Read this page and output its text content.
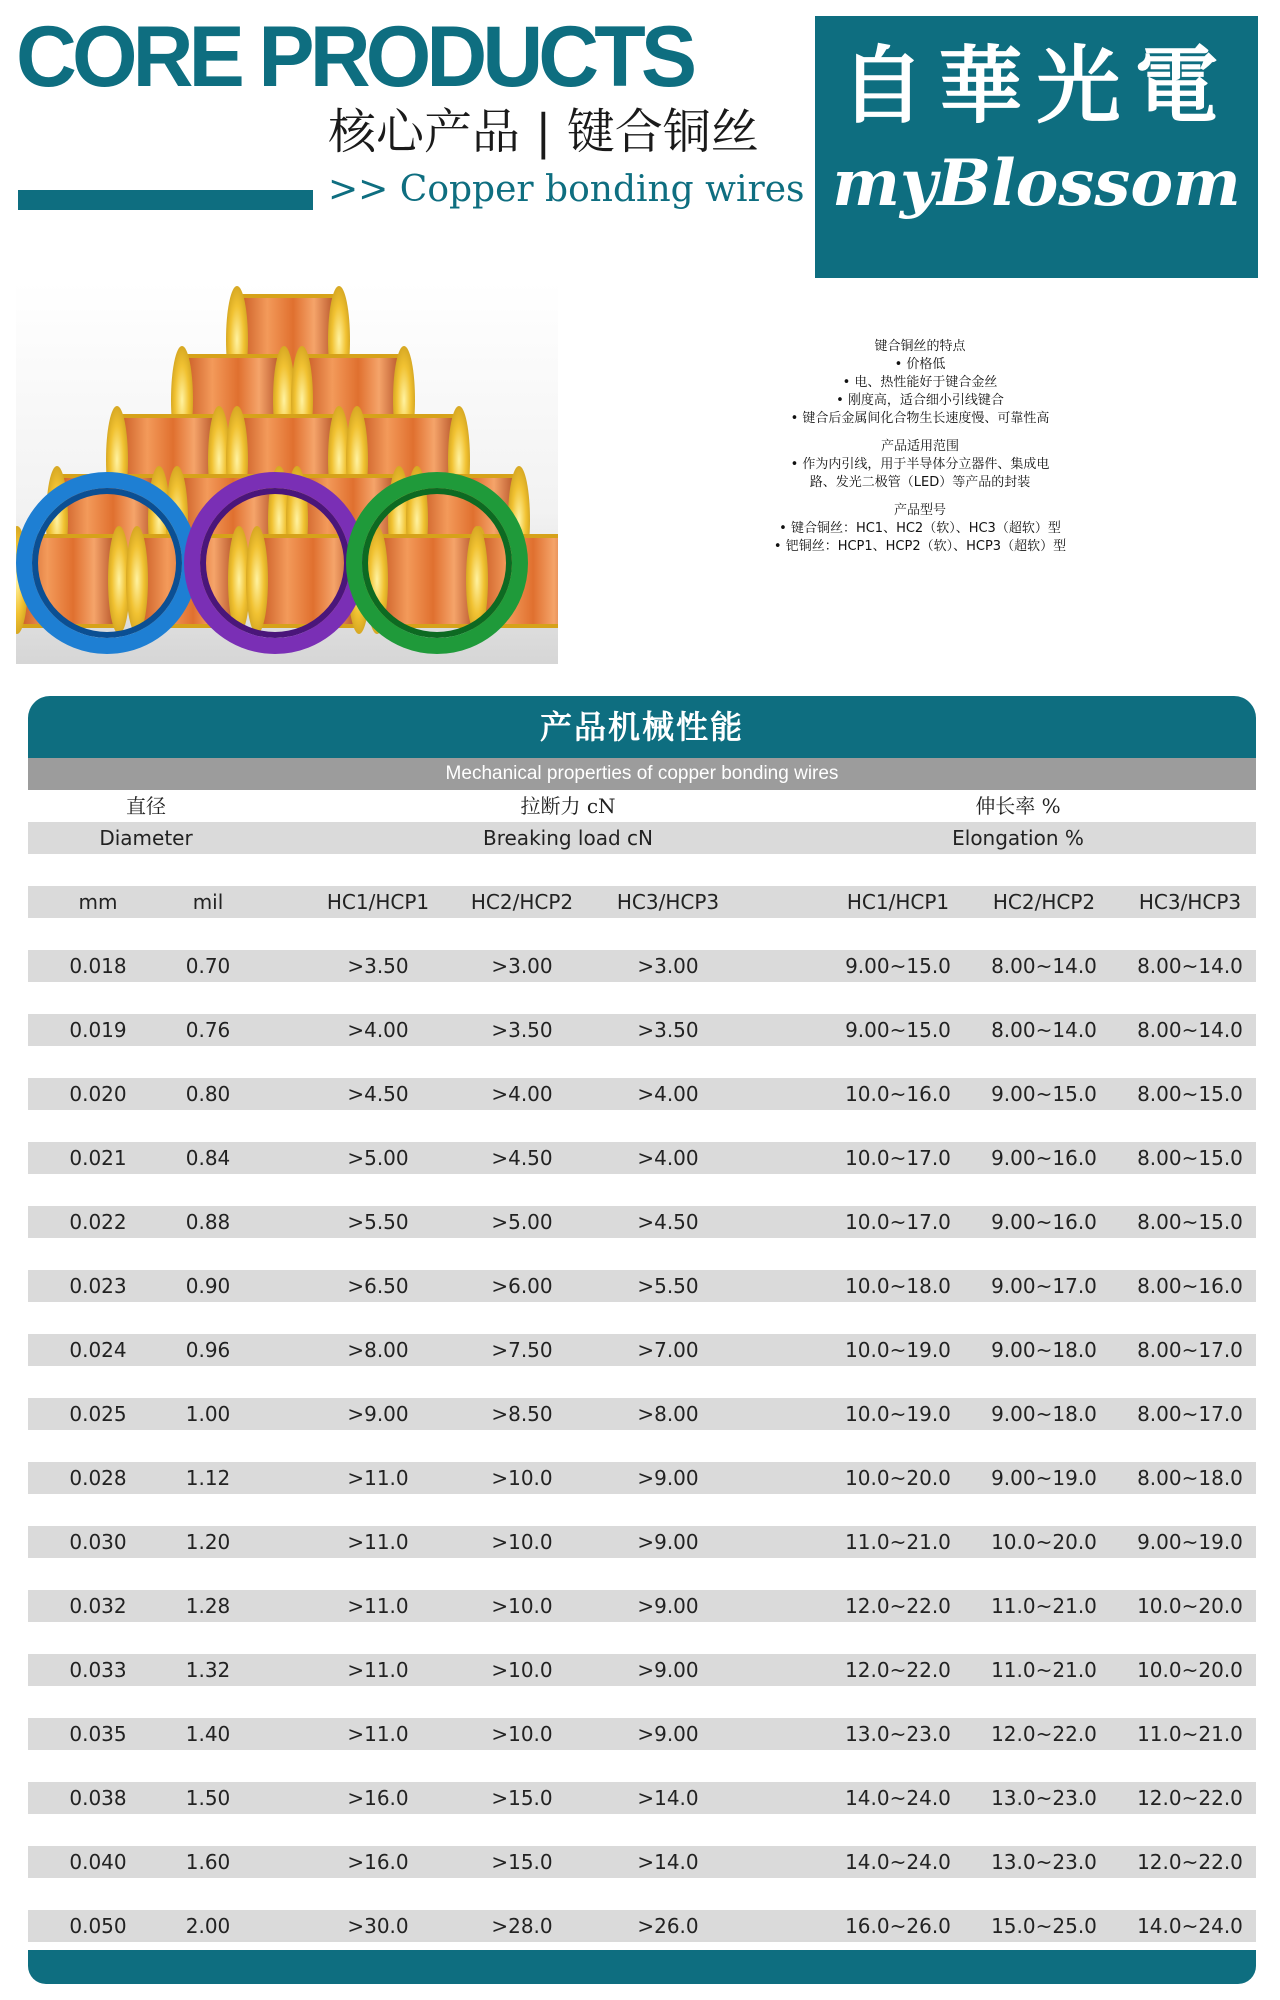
CORE PRODUCTS
核心产品 | 键合铜丝
>> Copper bonding wires
自華光電
myBlossom
键合铜丝的特点
• 价格低
• 电、热性能好于键合金丝
• 刚度高，适合细小引线键合
• 键合后金属间化合物生长速度慢、可靠性高
产品适用范围
• 作为内引线，用于半导体分立器件、集成电
路、发光二极管（LED）等产品的封装
产品型号
• 键合铜丝：HC1、HC2（软）、HC3（超软）型
• 钯铜丝：HCP1、HCP2（软）、HCP3（超软）型
产品机械性能
Mechanical properties of copper bonding wires
直径	拉断力 cN	伸长率 %
Diameter	Breaking load cN	Elongation %
mm	mil	HC1/HCP1	HC2/HCP2	HC3/HCP3	HC1/HCP1	HC2/HCP2	HC3/HCP3
0.018	0.70	>3.50	>3.00	>3.00	9.00~15.0	8.00~14.0	8.00~14.0
0.019	0.76	>4.00	>3.50	>3.50	9.00~15.0	8.00~14.0	8.00~14.0
0.020	0.80	>4.50	>4.00	>4.00	10.0~16.0	9.00~15.0	8.00~15.0
0.021	0.84	>5.00	>4.50	>4.00	10.0~17.0	9.00~16.0	8.00~15.0
0.022	0.88	>5.50	>5.00	>4.50	10.0~17.0	9.00~16.0	8.00~15.0
0.023	0.90	>6.50	>6.00	>5.50	10.0~18.0	9.00~17.0	8.00~16.0
0.024	0.96	>8.00	>7.50	>7.00	10.0~19.0	9.00~18.0	8.00~17.0
0.025	1.00	>9.00	>8.50	>8.00	10.0~19.0	9.00~18.0	8.00~17.0
0.028	1.12	>11.0	>10.0	>9.00	10.0~20.0	9.00~19.0	8.00~18.0
0.030	1.20	>11.0	>10.0	>9.00	11.0~21.0	10.0~20.0	9.00~19.0
0.032	1.28	>11.0	>10.0	>9.00	12.0~22.0	11.0~21.0	10.0~20.0
0.033	1.32	>11.0	>10.0	>9.00	12.0~22.0	11.0~21.0	10.0~20.0
0.035	1.40	>11.0	>10.0	>9.00	13.0~23.0	12.0~22.0	11.0~21.0
0.038	1.50	>16.0	>15.0	>14.0	14.0~24.0	13.0~23.0	12.0~22.0
0.040	1.60	>16.0	>15.0	>14.0	14.0~24.0	13.0~23.0	12.0~22.0
0.050	2.00	>30.0	>28.0	>26.0	16.0~26.0	15.0~25.0	14.0~24.0
